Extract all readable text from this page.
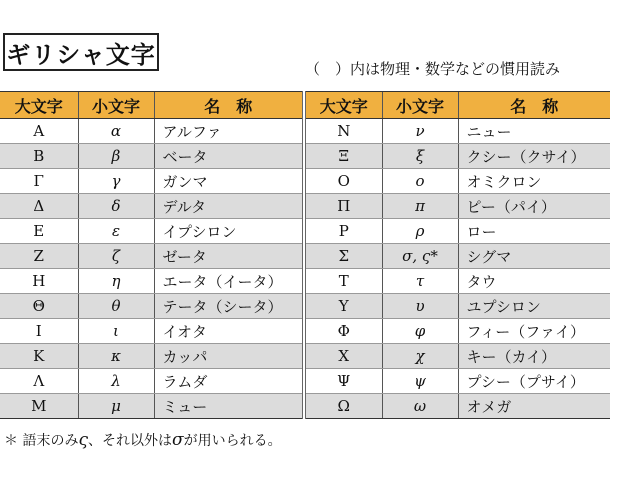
ギリシャ文字
（　）内は物理・数学などの慣用読み
大文字	小文字	名　称	大文字	小文字	名　称
Α	α	アルファ	Ν	ν	ニュー
Β	β	ベータ	Ξ	ξ	クシー（クサイ）
Γ	γ	ガンマ	Ο	ο	オミクロン
Δ	δ	デルタ	Π	π	ピー（パイ）
Ε	ε	イプシロン	Ρ	ρ	ロー
Ζ	ζ	ゼータ	Σ	σ, ς*	シグマ
Η	η	エータ（イータ）	Τ	τ	タウ
Θ	θ	テータ（シータ）	Υ	υ	ユプシロン
Ι	ι	イオタ	Φ	φ	フィー（ファイ）
Κ	κ	カッパ	Χ	χ	キー（カイ）
Λ	λ	ラムダ	Ψ	ψ	プシー（プサイ）
Μ	μ	ミュー	Ω	ω	オメガ
＊ 語末のみς、それ以外はσが用いられる。
